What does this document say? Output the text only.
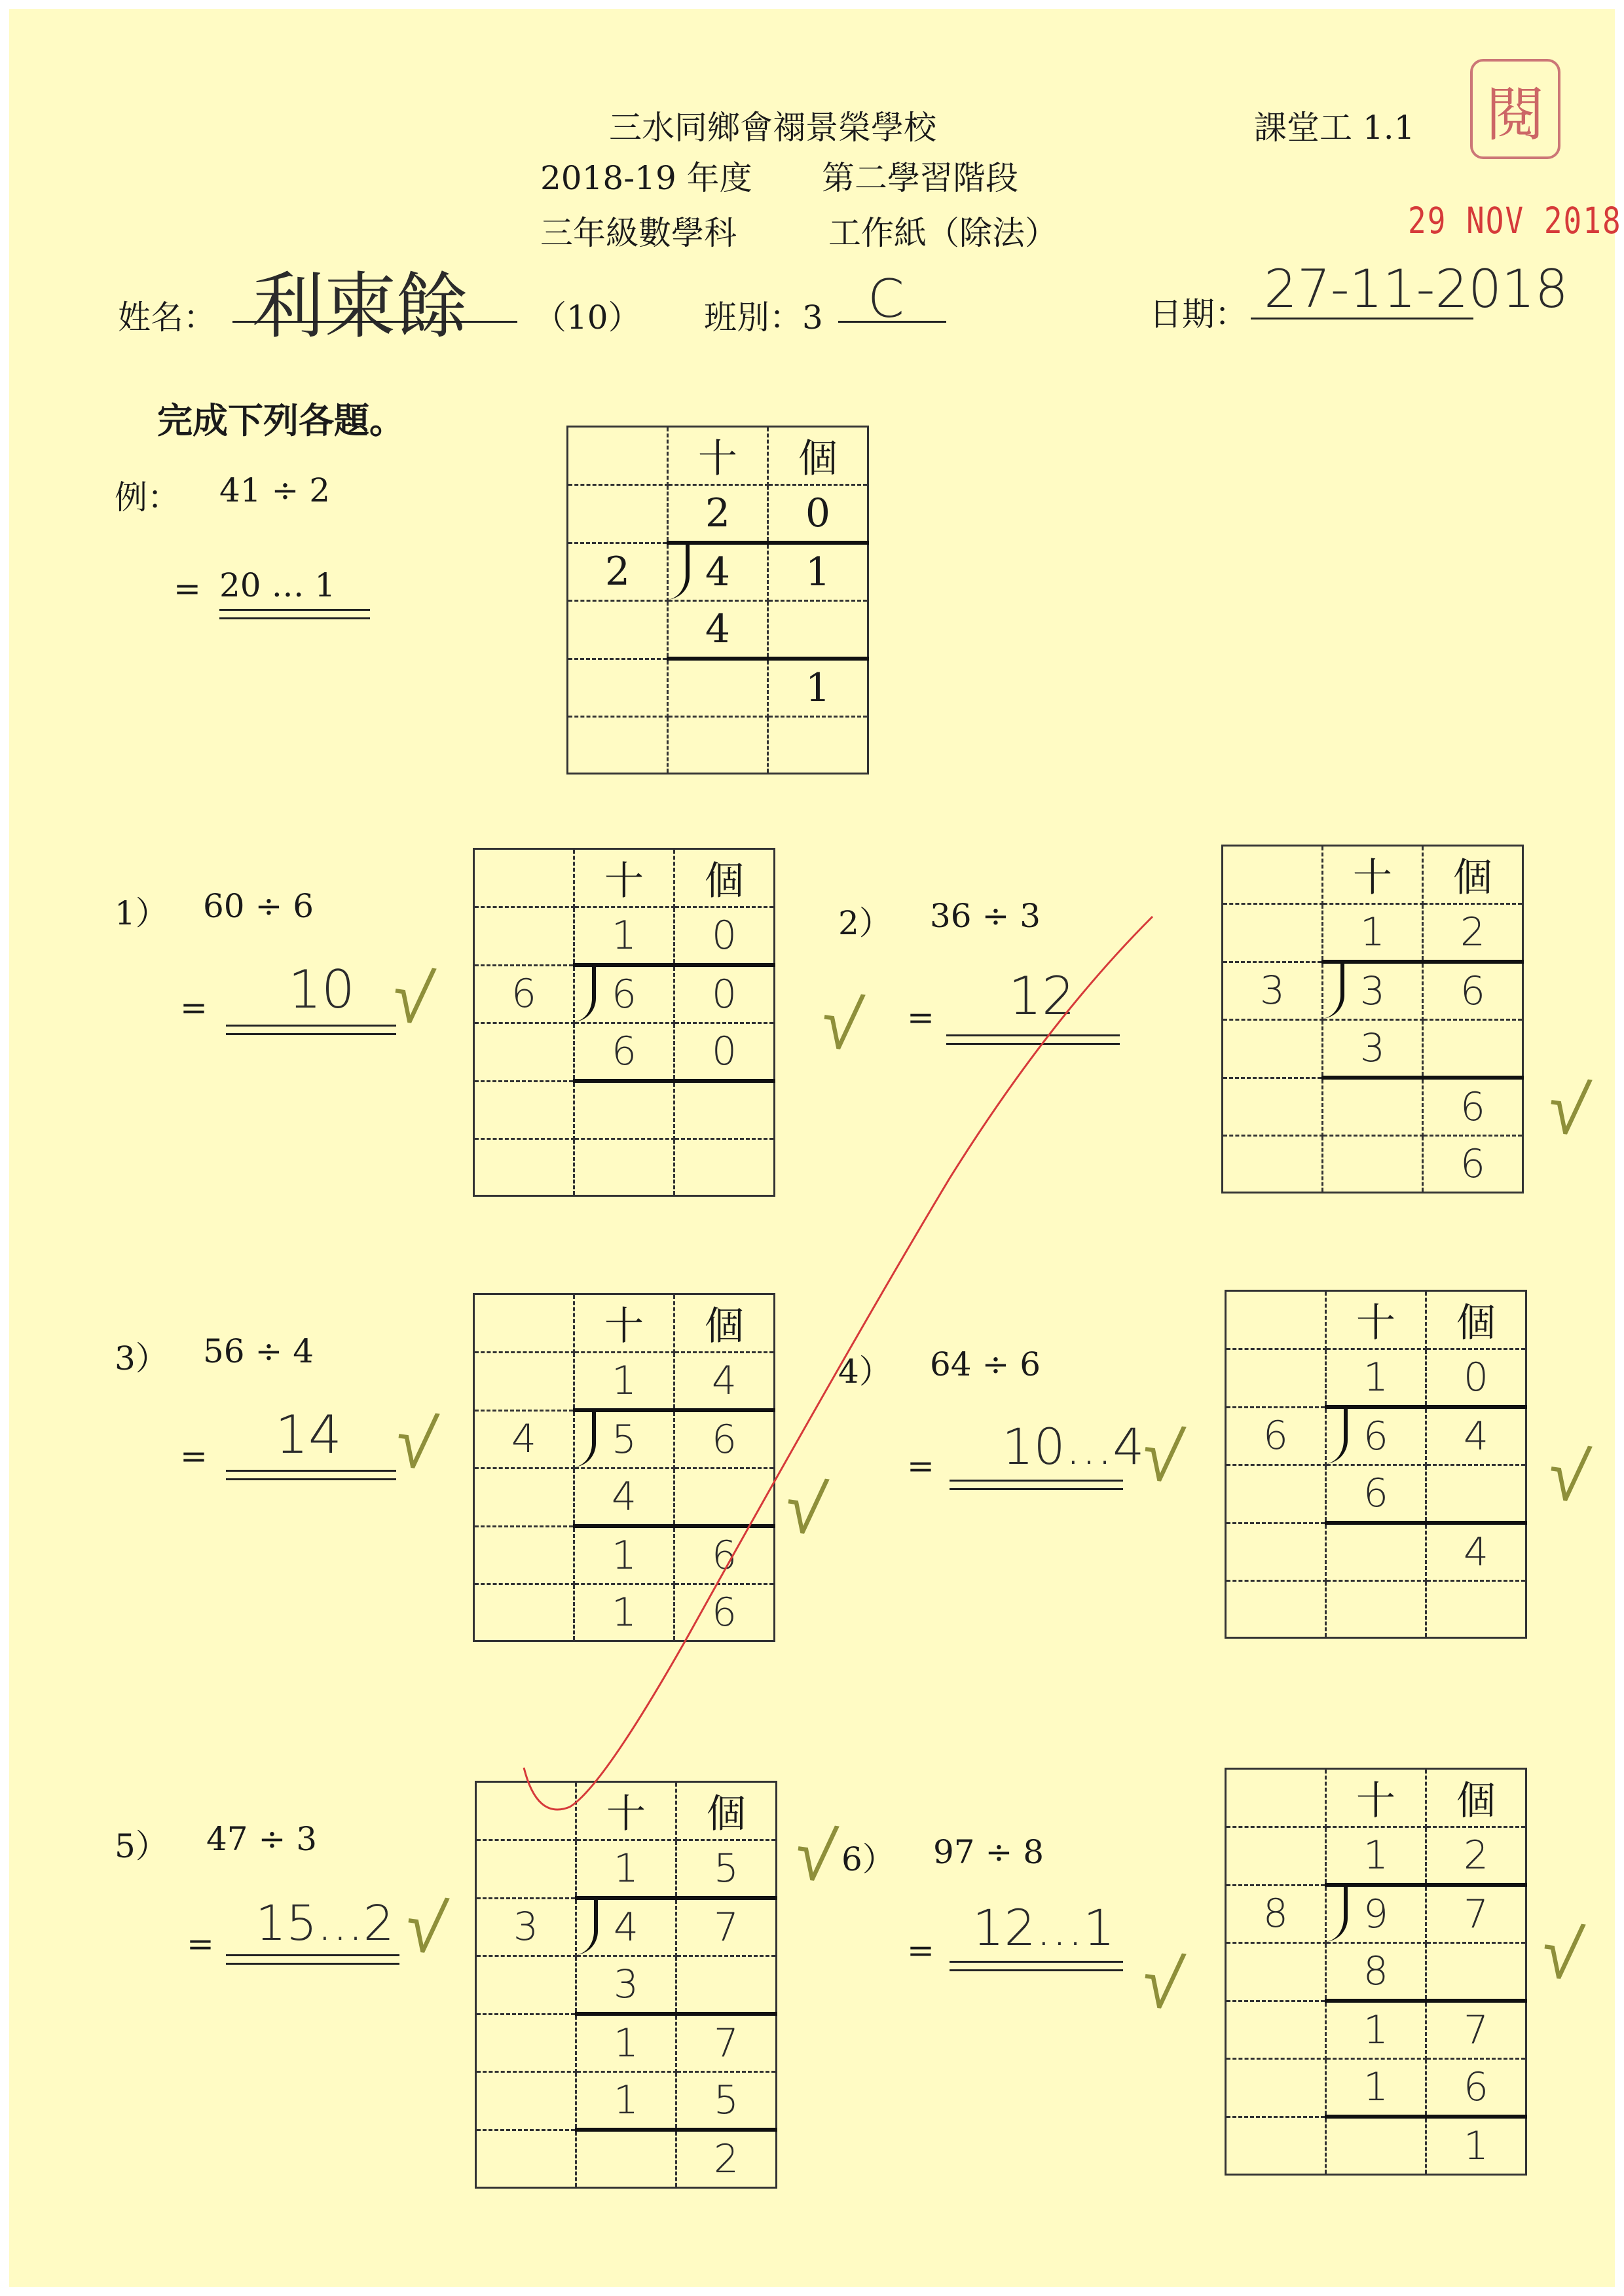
三水同鄉會禤景榮學校
2018-19 年度 第二學習階段
三年級數學科	工作紙（除法）
課堂工 1.1 閱
29 NOV 2018
姓名： 利柬餘 （10） 班別：3 C	日期： 27-11-2018
完成下列各題。
例： 41 ÷ 2
= 20 … 1
	十	個
	2	0
2	4	1
	4	
		1

1） 60 ÷ 6
= 10 √
	十	個
	1	0
6	6	0
	6	0

2） 36 ÷ 3
√ = 12
	十	個
	1	2
3	3	6
	3	
		6
		6
√
3） 56 ÷ 4
= 14 √
	十	個
	1	4
4	5	6
	4	
	1	6
	1	6
√
4） 64 ÷ 6
= 10...4
√
	十	個
	1	0
6	6	4
	6	
		4

√
5） 47 ÷ 3
= 15...2 √
	十	個
	1	5
3	4	7
	3	
	1	7
	1	5
		2
√ 6） 97 ÷ 8
= 12...1
√
	十	個
	1	2
8	9	7
	8	
	1	7
	1	6
		1
√
